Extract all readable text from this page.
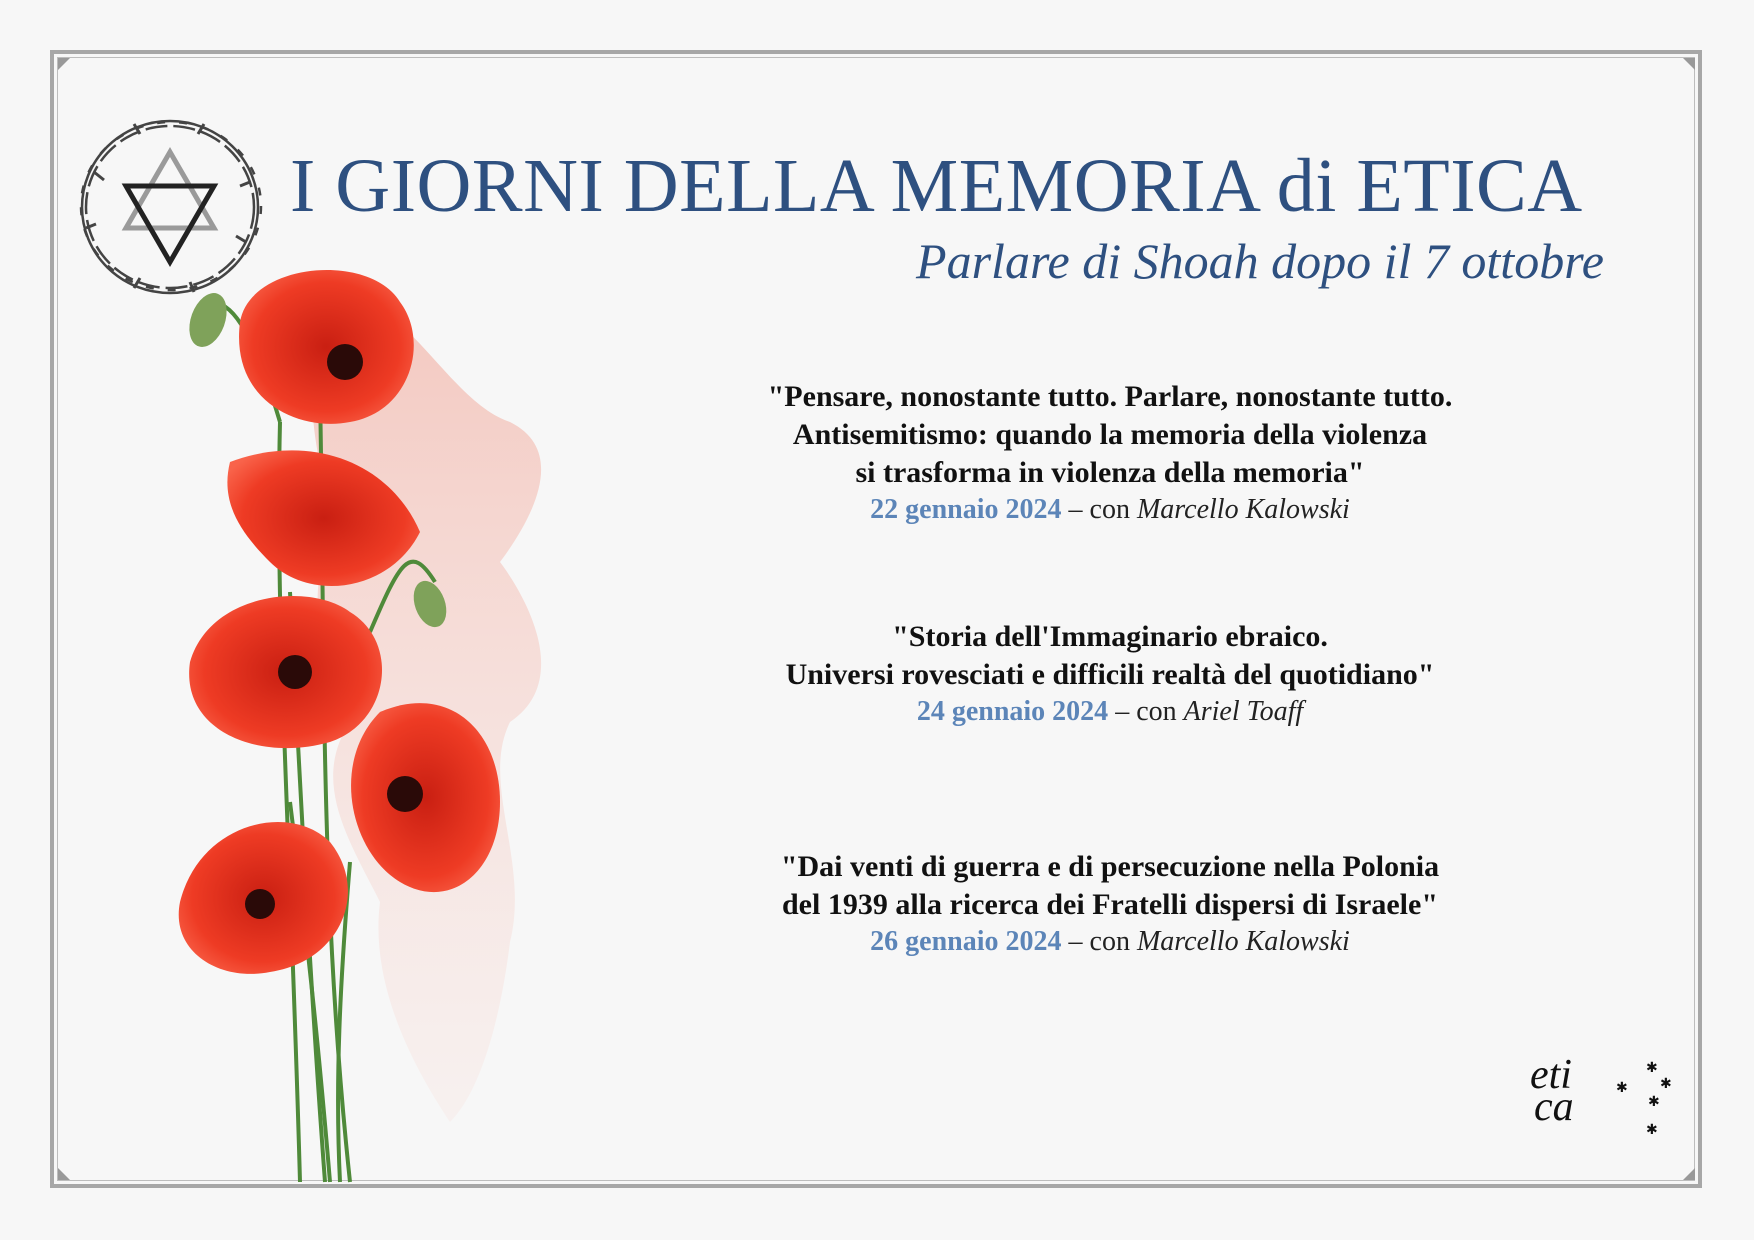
I GIORNI DELLA MEMORIA di ETICA
Parlare di Shoah dopo il 7 ottobre
"Pensare, nonostante tutto. Parlare, nonostante tutto.
Antisemitismo: quando la memoria della violenza
si trasforma in violenza della memoria"
22 gennaio 2024 – con Marcello Kalowski
"Storia dell'Immaginario ebraico.
Universi rovesciati e difficili realtà del quotidiano"
24 gennaio 2024 – con Ariel Toaff
"Dai venti di guerra e di persecuzione nella Polonia
del 1939 alla ricerca dei Fratelli dispersi di Israele"
26 gennaio 2024 – con Marcello Kalowski
eti
ca
✱
✱ ✱
✱
✱
